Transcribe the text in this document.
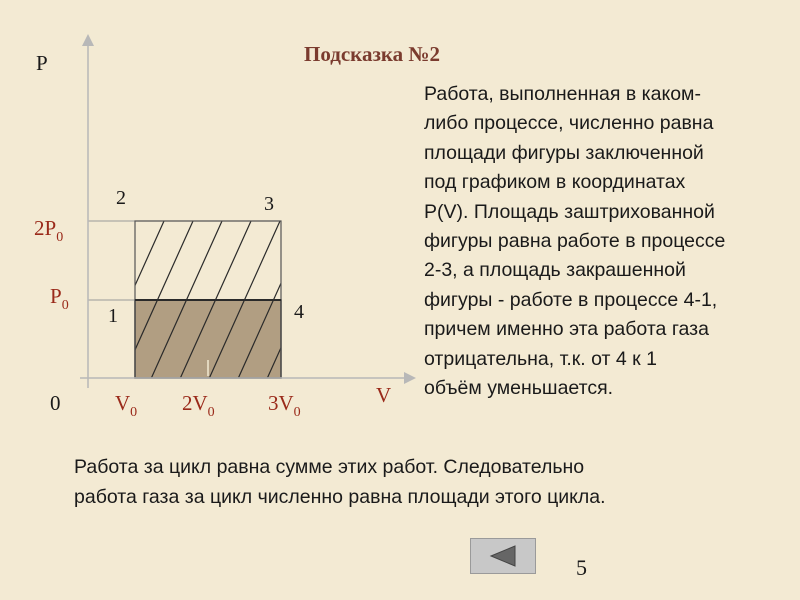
P
V
0
$2P_0$
$P_0$
$V_0$ $2V_0$	$3V_0$
2	3
1	4
Подсказка №2

Работа, выполненная в каком-
либо процессе, численно равна
площади фигуры заключенной
под графиком в координатах
P(V). Площадь заштрихованной
фигуры равна работе в процессе
2-3, а площадь закрашенной
фигуры - работе в процессе 4-1,
причем именно эта работа газа
отрицательна, т.к. от 4 к 1
объём уменьшается.

Работа за цикл равна сумме этих работ. Следовательно
работа газа за цикл численно равна площади этого цикла.

5
